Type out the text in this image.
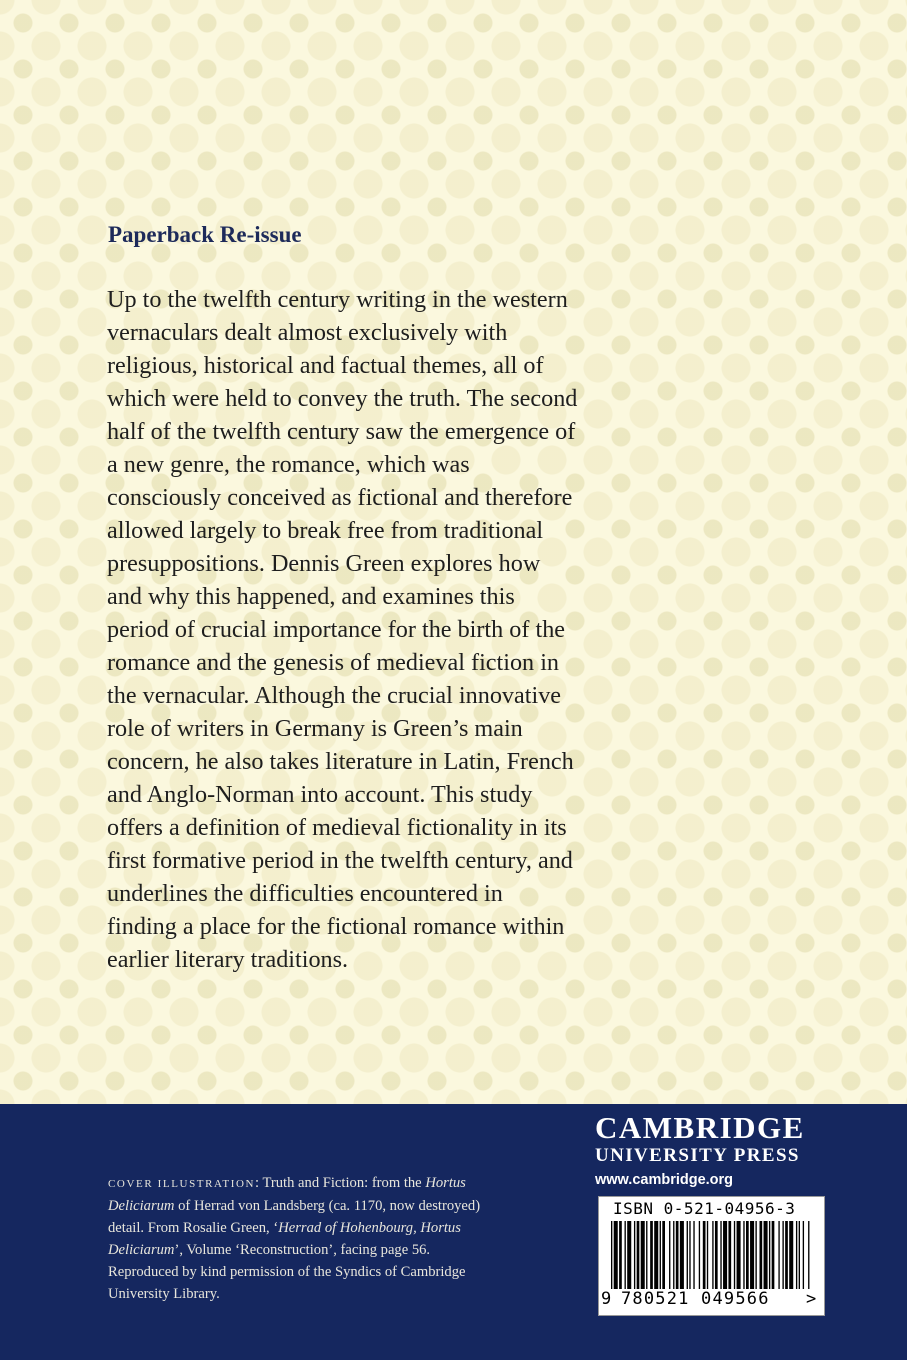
Paperback Re-issue

Up to the twelfth century writing in the western
vernaculars dealt almost exclusively with
religious, historical and factual themes, all of
which were held to convey the truth. The second
half of the twelfth century saw the emergence of
a new genre, the romance, which was
consciously conceived as fictional and therefore
allowed largely to break free from traditional
presuppositions. Dennis Green explores how
and why this happened, and examines this
period of crucial importance for the birth of the
romance and the genesis of medieval fiction in
the vernacular. Although the crucial innovative
role of writers in Germany is Green’s main
concern, he also takes literature in Latin, French
and Anglo-Norman into account. This study
offers a definition of medieval fictionality in its
first formative period in the twelfth century, and
underlines the difficulties encountered in
finding a place for the fictional romance within
earlier literary traditions.

COVER ILLUSTRATION: Truth and Fiction: from the Hortus
Deliciarum of Herrad von Landsberg (ca. 1170, now destroyed)
detail. From Rosalie Green, ‘Herrad of Hohenbourg, Hortus
Deliciarum’, Volume ‘Reconstruction’, facing page 56.
Reproduced by kind permission of the Syndics of Cambridge
University Library.

CAMBRIDGE
UNIVERSITY PRESS
www.cambridge.org
ISBN 0-521-04956-3
9 780521 049566 >
